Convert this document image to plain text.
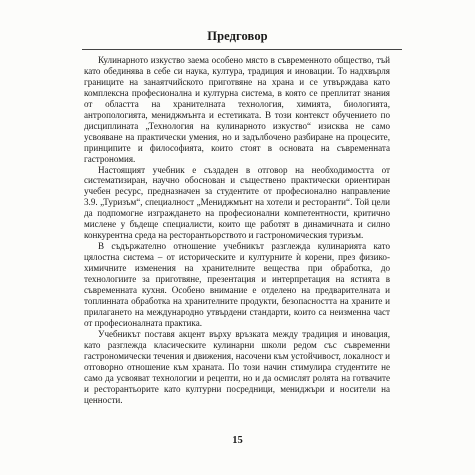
Предговор

Кулинарното изкуство заема особено място в съвременното общество, тъй като обединява в себе си наука, култура, традиция и иновации. То надхвърля границите на занаятчийското приготвяне на храна и се утвърждава като комплексна професионална и културна система, в която се преплитат знания от областта на хранителната технология, химията, биологията, антропологията, мениджмънта и естетиката. В този контекст обучението по дисциплината „Технология на кулинарното изкуство“ изисква не само усвояване на практически умения, но и задълбочено разбиране на процесите, принципите и философията, които стоят в основата на съвременната гастрономия.

Настоящият учебник е създаден в отговор на необходимостта от систематизиран, научно обоснован и съществено практически ориентиран учебен ресурс, предназначен за студентите от професионално направление 3.9. „Туризъм“, специалност „Мениджмънт на хотели и ресторанти“. Той цели да подпомогне изграждането на професионални компетентности, критично мислене у бъдеще специалисти, които ще работят в динамичната и силно конкурентна среда на ресторантьорството и гастрономическия туризъм.

В съдържателно отношение учебникът разглежда кулинарията като цялостна система – от историческите и културните ѝ корени, през физико-химичните изменения на хранителните вещества при обработка, до технологиите за приготвяне, презентация и интерпретация на ястията в съвременната кухня. Особено внимание е отделено на предварителната и топлинната обработка на хранителните продукти, безопасността на храните и прилагането на международно утвърдени стандарти, които са неизменна част от професионалната практика.

Учебникът поставя акцент върху връзката между традиция и иновация, като разглежда класическите кулинарни школи редом със съвременни гастрономически течения и движения, насочени към устойчивост, локалност и отговорно отношение към храната. По този начин стимулира студентите не само да усвояват технологии и рецепти, но и да осмислят ролята на готвачите и ресторантьорите като културни посредници, мениджъри и носители на ценности.

15
